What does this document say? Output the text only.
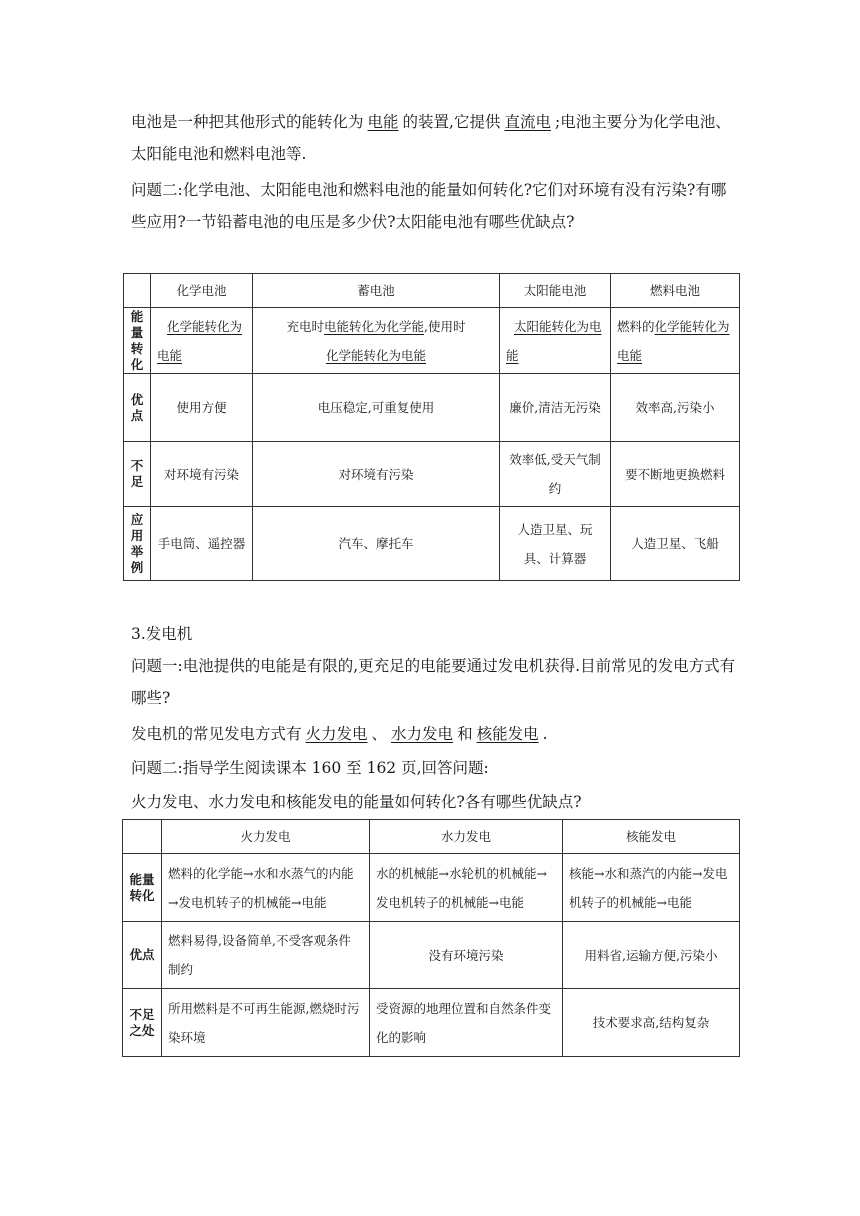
电池是一种把其他形式的能转化为 电能 的装置,它提供 直流电 ;电池主要分为化学电池、太阳能电池和燃料电池等.

问题二:化学电池、太阳能电池和燃料电池的能量如何转化?它们对环境有没有污染?有哪些应用?一节铅蓄电池的电压是多少伏?太阳能电池有哪些优缺点?

	化学电池	蓄电池	太阳能电池	燃料电池
能量转化	化学能转化为电能	充电时电能转化为化学能,使用时
化学能转化为电能	太阳能转化为电能	燃料的化学能转化为电能
优点	使用方便	电压稳定,可重复使用	廉价,清洁无污染	效率高,污染小
不足	对环境有污染	对环境有污染	效率低,受天气制约	要不断地更换燃料
应用举例	手电筒、遥控器	汽车、摩托车	人造卫星、玩具、计算器	人造卫星、飞船

3.发电机

问题一:电池提供的电能是有限的,更充足的电能要通过发电机获得.目前常见的发电方式有哪些?

发电机的常见发电方式有 火力发电 、 水力发电 和 核能发电 .

问题二:指导学生阅读课本 160 至 162 页,回答问题:

火力发电、水力发电和核能发电的能量如何转化?各有哪些优缺点?

	火力发电	水力发电	核能发电
能量转化	燃料的化学能→水和水蒸气的内能→发电机转子的机械能→电能	水的机械能→水轮机的机械能→发电机转子的机械能→电能	核能→水和蒸汽的内能→发电机转子的机械能→电能
优点	燃料易得,设备简单,不受客观条件制约	没有环境污染	用料省,运输方便,污染小
不足之处	所用燃料是不可再生能源,燃烧时污染环境	受资源的地理位置和自然条件变化的影响	技术要求高,结构复杂
